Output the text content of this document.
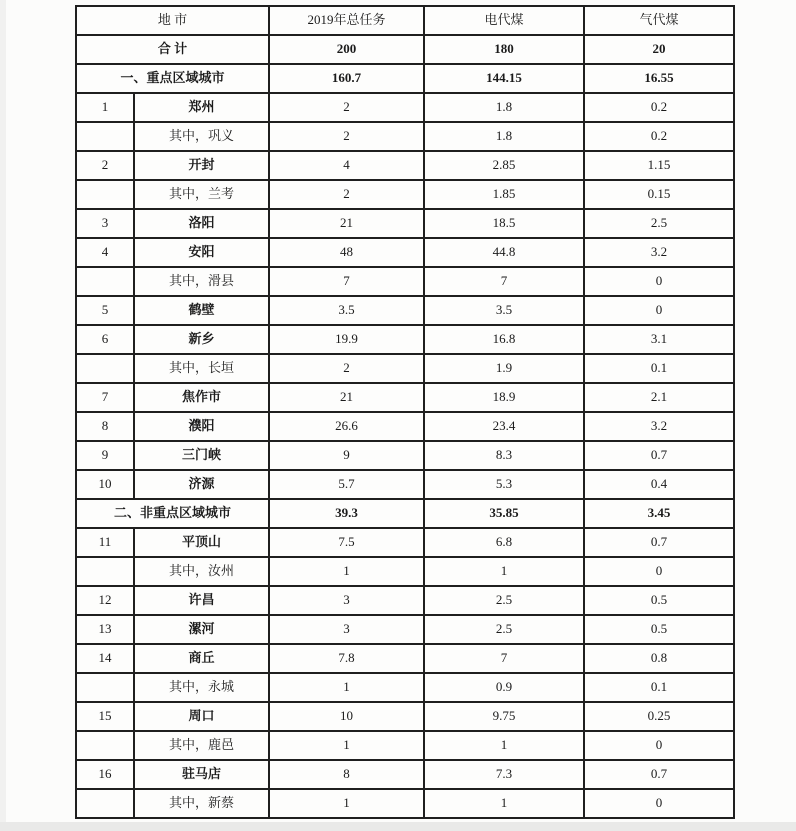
地 市		2019年总任务	电代煤	气代煤
合 计		200	180	20
一、重点区域城市		160.7	144.15	16.55
1	郑州	2	1.8	0.2
	其中，巩义	2	1.8	0.2
2	开封	4	2.85	1.15
	其中，兰考	2	1.85	0.15
3	洛阳	21	18.5	2.5
4	安阳	48	44.8	3.2
	其中，滑县	7	7	0
5	鹤壁	3.5	3.5	0
6	新乡	19.9	16.8	3.1
	其中，长垣	2	1.9	0.1
7	焦作市	21	18.9	2.1
8	濮阳	26.6	23.4	3.2
9	三门峡	9	8.3	0.7
10	济源	5.7	5.3	0.4
二、非重点区域城市		39.3	35.85	3.45
11	平顶山	7.5	6.8	0.7
	其中，汝州	1	1	0
12	许昌	3	2.5	0.5
13	漯河	3	2.5	0.5
14	商丘	7.8	7	0.8
	其中，永城	1	0.9	0.1
15	周口	10	9.75	0.25
	其中，鹿邑	1	1	0
16	驻马店	8	7.3	0.7
	其中，新蔡	1	1	0
